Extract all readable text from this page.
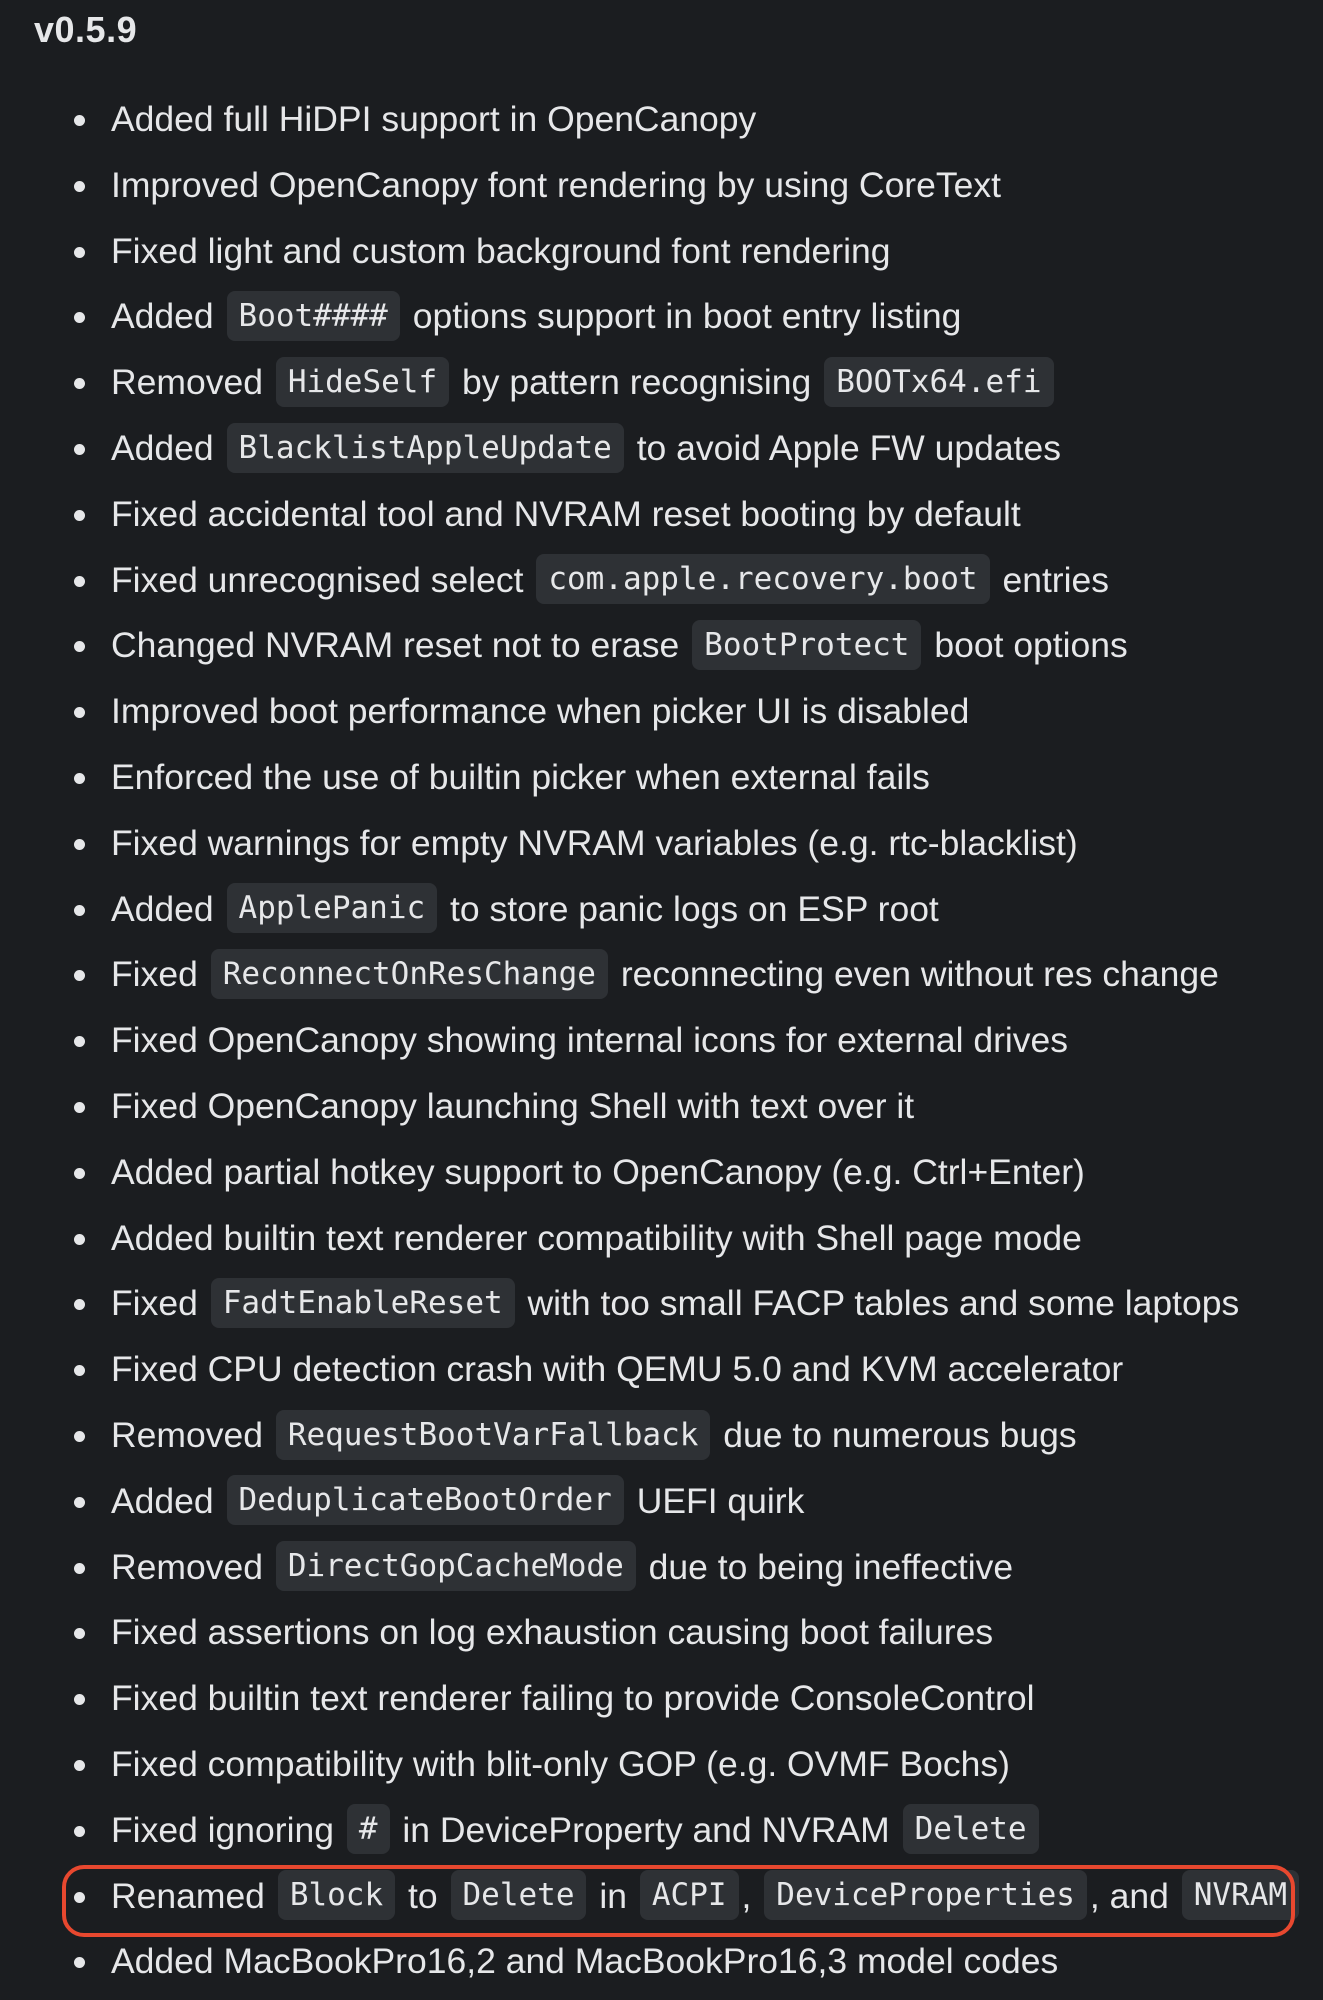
v0.5.9
Added full HiDPI support in OpenCanopy
Improved OpenCanopy font rendering by using CoreText
Fixed light and custom background font rendering
Added Boot#### options support in boot entry listing
Removed HideSelf by pattern recognising BOOTx64.efi
Added BlacklistAppleUpdate to avoid Apple FW updates
Fixed accidental tool and NVRAM reset booting by default
Fixed unrecognised select com.apple.recovery.boot entries
Changed NVRAM reset not to erase BootProtect boot options
Improved boot performance when picker UI is disabled
Enforced the use of builtin picker when external fails
Fixed warnings for empty NVRAM variables (e.g. rtc-blacklist)
Added ApplePanic to store panic logs on ESP root
Fixed ReconnectOnResChange reconnecting even without res change
Fixed OpenCanopy showing internal icons for external drives
Fixed OpenCanopy launching Shell with text over it
Added partial hotkey support to OpenCanopy (e.g. Ctrl+Enter)
Added builtin text renderer compatibility with Shell page mode
Fixed FadtEnableReset with too small FACP tables and some laptops
Fixed CPU detection crash with QEMU 5.0 and KVM accelerator
Removed RequestBootVarFallback due to numerous bugs
Added DeduplicateBootOrder UEFI quirk
Removed DirectGopCacheMode due to being ineffective
Fixed assertions on log exhaustion causing boot failures
Fixed builtin text renderer failing to provide ConsoleControl
Fixed compatibility with blit-only GOP (e.g. OVMF Bochs)
Fixed ignoring # in DeviceProperty and NVRAM Delete
Renamed Block to Delete in ACPI , DeviceProperties , and NVRAM
Added MacBookPro16,2 and MacBookPro16,3 model codes
